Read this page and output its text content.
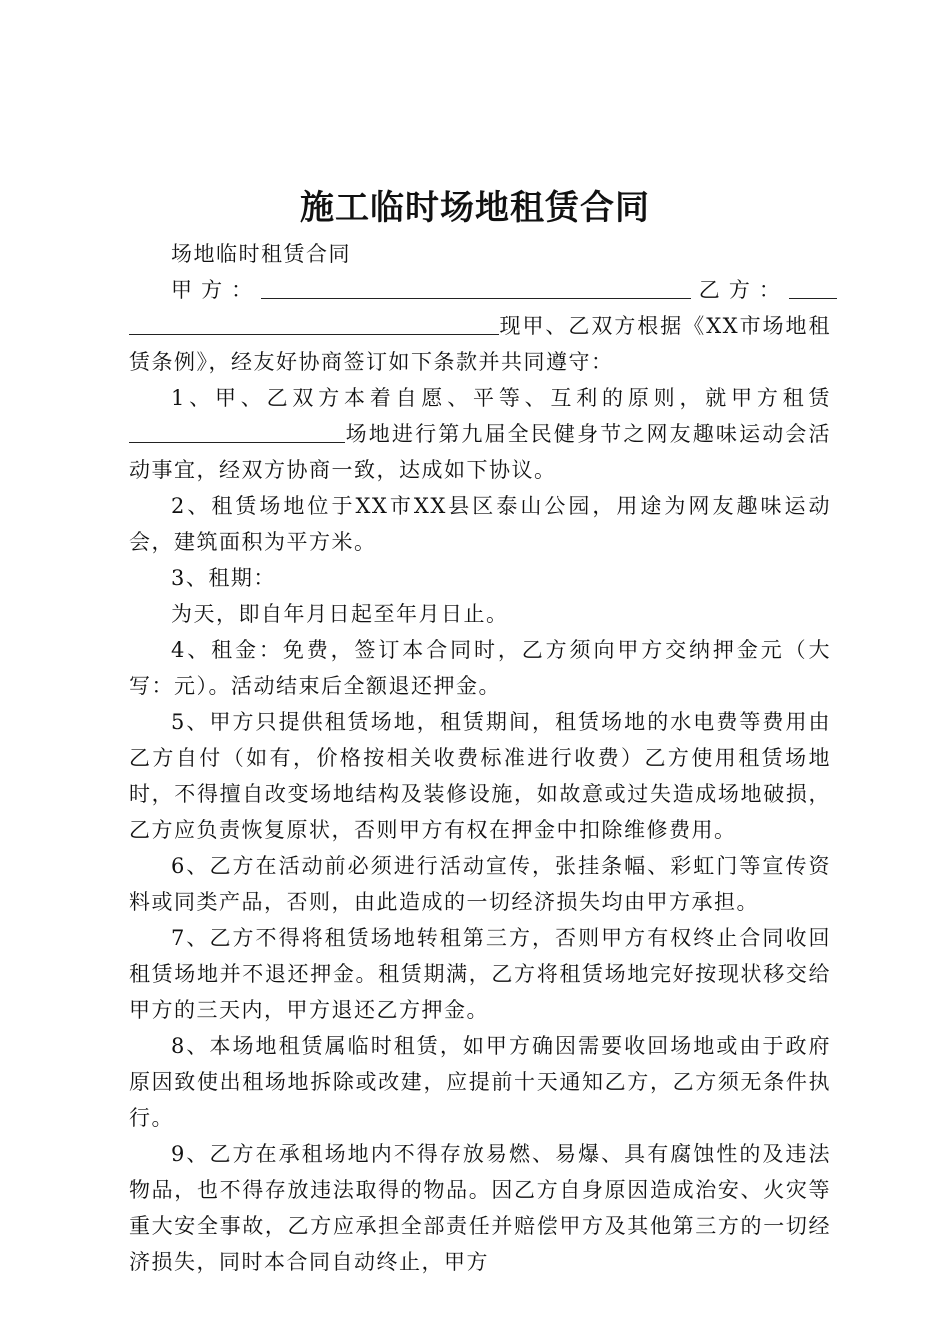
施工临时场地租赁合同

场地临时租赁合同

甲方：	乙方：现甲、乙双方根据《XX市场地租赁条例》，经友好协商签订如下条款并共同遵守：

1、甲、乙双方本着自愿、平等、互利的原则，就甲方租赁场地进行第九届全民健身节之网友趣味运动会活动事宜，经双方协商一致，达成如下协议。

2、租赁场地位于XX市XX县区泰山公园，用途为网友趣味运动会，建筑面积为平方米。

3、租期：

为天，即自年月日起至年月日止。

4、租金：免费，签订本合同时，乙方须向甲方交纳押金元（大写：元）。活动结束后全额退还押金。

5、甲方只提供租赁场地，租赁期间，租赁场地的水电费等费用由乙方自付（如有，价格按相关收费标准进行收费）乙方使用租赁场地时，不得擅自改变场地结构及装修设施，如故意或过失造成场地破损，乙方应负责恢复原状，否则甲方有权在押金中扣除维修费用。

6、乙方在活动前必须进行活动宣传，张挂条幅、彩虹门等宣传资料或同类产品，否则，由此造成的一切经济损失均由甲方承担。

7、乙方不得将租赁场地转租第三方，否则甲方有权终止合同收回租赁场地并不退还押金。租赁期满，乙方将租赁场地完好按现状移交给甲方的三天内，甲方退还乙方押金。

8、本场地租赁属临时租赁，如甲方确因需要收回场地或由于政府原因致使出租场地拆除或改建，应提前十天通知乙方，乙方须无条件执行。

9、乙方在承租场地内不得存放易燃、易爆、具有腐蚀性的及违法物品，也不得存放违法取得的物品。因乙方自身原因造成治安、火灾等重大安全事故，乙方应承担全部责任并赔偿甲方及其他第三方的一切经济损失，同时本合同自动终止，甲方
